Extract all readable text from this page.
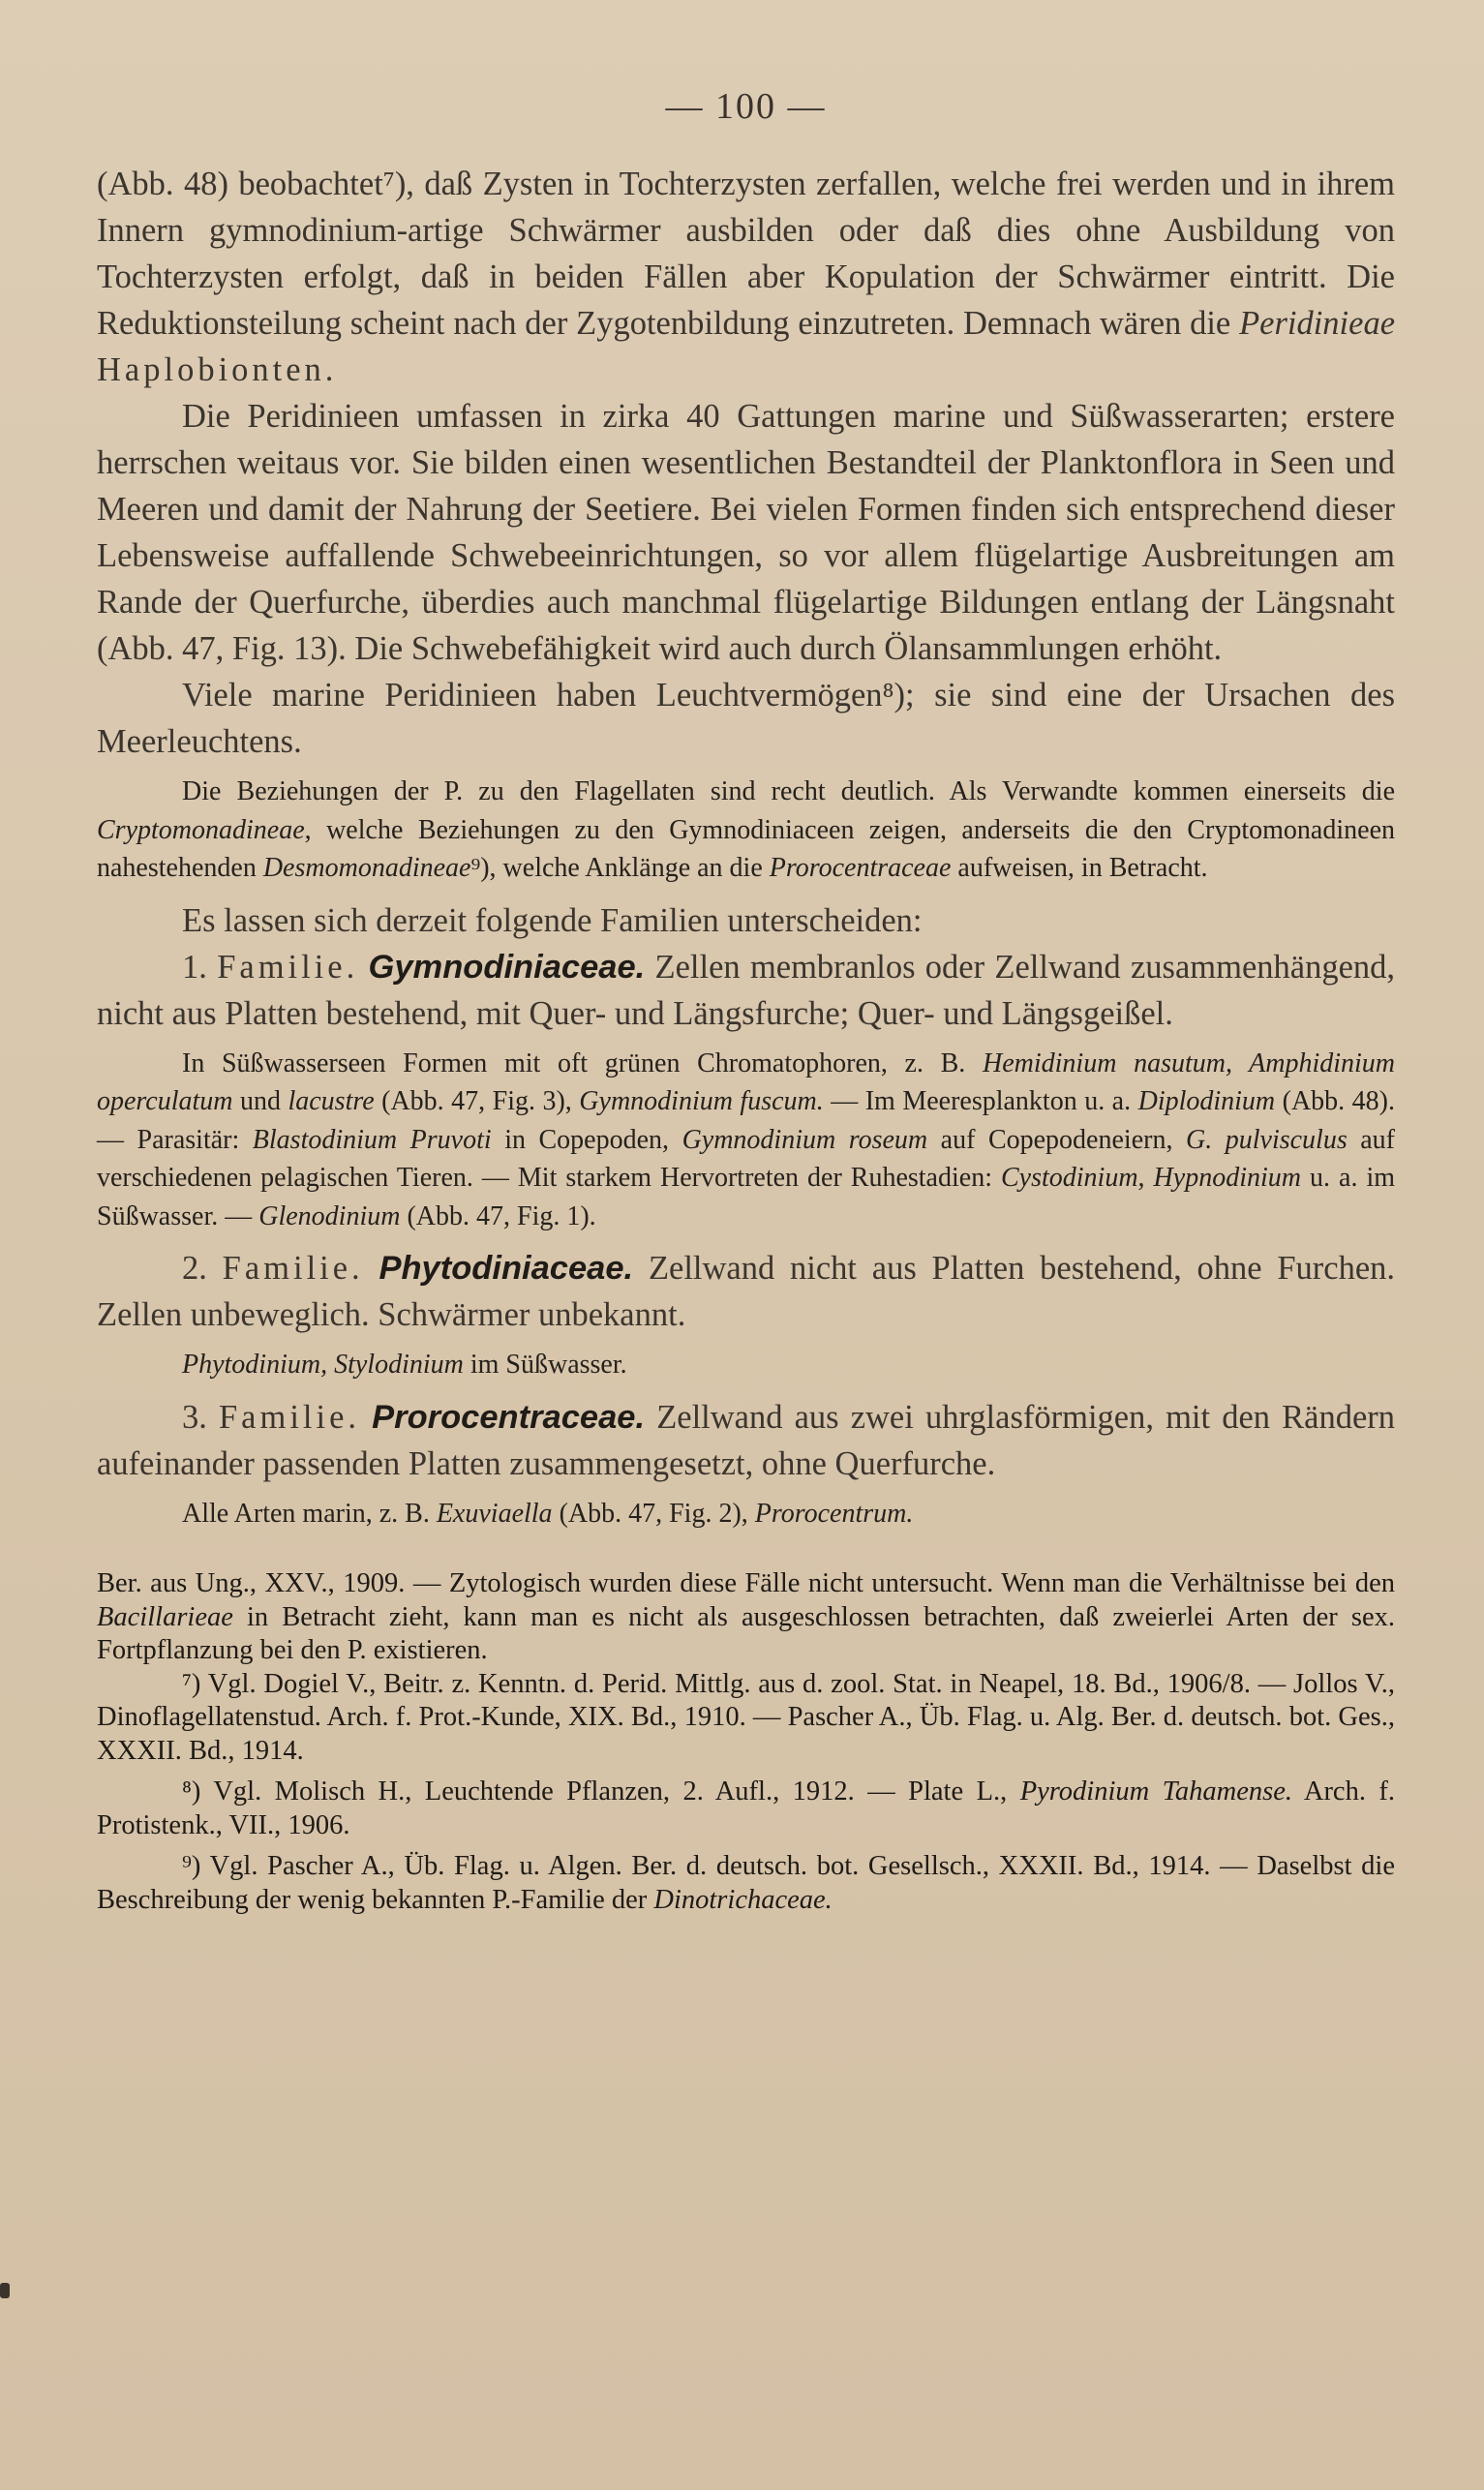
— 100 —

(Abb. 48) beobachtet⁷), daß Zysten in Tochterzysten zerfallen, welche frei werden und in ihrem Innern gymnodinium-artige Schwärmer ausbilden oder daß dies ohne Ausbildung von Tochterzysten erfolgt, daß in beiden Fällen aber Kopulation der Schwärmer eintritt. Die Reduktionsteilung scheint nach der Zygotenbildung einzutreten. Demnach wären die Peridinieae Haplobionten.

Die Peridinieen umfassen in zirka 40 Gattungen marine und Süßwasserarten; erstere herrschen weitaus vor. Sie bilden einen wesentlichen Bestandteil der Planktonflora in Seen und Meeren und damit der Nahrung der Seetiere. Bei vielen Formen finden sich entsprechend dieser Lebensweise auffallende Schwebeeinrichtungen, so vor allem flügelartige Ausbreitungen am Rande der Querfurche, überdies auch manchmal flügelartige Bildungen entlang der Längsnaht (Abb. 47, Fig. 13). Die Schwebefähigkeit wird auch durch Ölansammlungen erhöht.

Viele marine Peridinieen haben Leuchtvermögen⁸); sie sind eine der Ursachen des Meerleuchtens.

Die Beziehungen der P. zu den Flagellaten sind recht deutlich. Als Verwandte kommen einerseits die Cryptomonadineae, welche Beziehungen zu den Gymnodiniaceen zeigen, anderseits die den Cryptomonadineen nahestehenden Desmomonadineae⁹), welche Anklänge an die Prorocentraceae aufweisen, in Betracht.

Es lassen sich derzeit folgende Familien unterscheiden:

1. Familie. Gymnodiniaceae. Zellen membranlos oder Zellwand zusammenhängend, nicht aus Platten bestehend, mit Quer- und Längsfurche; Quer- und Längsgeißel.

In Süßwasserseen Formen mit oft grünen Chromatophoren, z. B. Hemidinium nasutum, Amphidinium operculatum und lacustre (Abb. 47, Fig. 3), Gymnodinium fuscum. — Im Meeresplankton u. a. Diplodinium (Abb. 48). — Parasitär: Blastodinium Pruvoti in Copepoden, Gymnodinium roseum auf Copepodeneiern, G. pulvisculus auf verschiedenen pelagischen Tieren. — Mit starkem Hervortreten der Ruhestadien: Cystodinium, Hypnodinium u. a. im Süßwasser. — Glenodinium (Abb. 47, Fig. 1).

2. Familie. Phytodiniaceae. Zellwand nicht aus Platten bestehend, ohne Furchen. Zellen unbeweglich. Schwärmer unbekannt.

Phytodinium, Stylodinium im Süßwasser.

3. Familie. Prorocentraceae. Zellwand aus zwei uhrglasförmigen, mit den Rändern aufeinander passenden Platten zusammengesetzt, ohne Querfurche.

Alle Arten marin, z. B. Exuviaella (Abb. 47, Fig. 2), Prorocentrum.

Ber. aus Ung., XXV., 1909. — Zytologisch wurden diese Fälle nicht untersucht. Wenn man die Verhältnisse bei den Bacillarieae in Betracht zieht, kann man es nicht als ausgeschlossen betrachten, daß zweierlei Arten der sex. Fortpflanzung bei den P. existieren.

⁷) Vgl. Dogiel V., Beitr. z. Kenntn. d. Perid. Mittlg. aus d. zool. Stat. in Neapel, 18. Bd., 1906/8. — Jollos V., Dinoflagellatenstud. Arch. f. Prot.-Kunde, XIX. Bd., 1910. — Pascher A., Üb. Flag. u. Alg. Ber. d. deutsch. bot. Ges., XXXII. Bd., 1914.

⁸) Vgl. Molisch H., Leuchtende Pflanzen, 2. Aufl., 1912. — Plate L., Pyrodinium Tahamense. Arch. f. Protistenk., VII., 1906.

⁹) Vgl. Pascher A., Üb. Flag. u. Algen. Ber. d. deutsch. bot. Gesellsch., XXXII. Bd., 1914. — Daselbst die Beschreibung der wenig bekannten P.-Familie der Dinotrichaceae.
